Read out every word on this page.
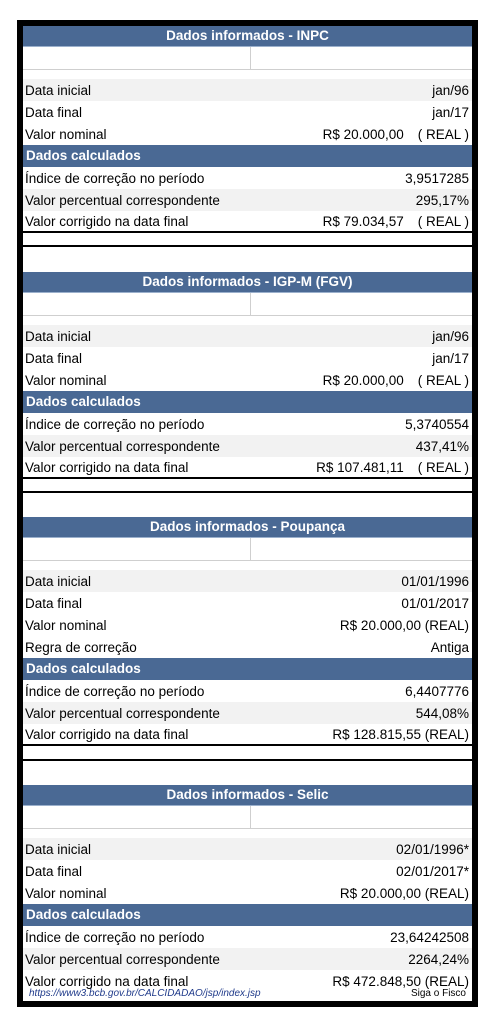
Dados informados - INPC
Data inicial	jan/96
Data final	jan/17
Valor nominal	R$ 20.000,00 ( REAL )
Dados calculados
Índice de correção no período	3,9517285
Valor percentual correspondente	295,17%
Valor corrigido na data final	R$ 79.034,57 ( REAL )
Dados informados - IGP-M (FGV)
Data inicial	jan/96
Data final	jan/17
Valor nominal	R$ 20.000,00 ( REAL )
Dados calculados
Índice de correção no período	5,3740554
Valor percentual correspondente	437,41%
Valor corrigido na data final	R$ 107.481,11 ( REAL )
Dados informados - Poupança
Data inicial	01/01/1996
Data final	01/01/2017
Valor nominal	R$ 20.000,00 (REAL)
Regra de correção	Antiga
Dados calculados
Índice de correção no período	6,4407776
Valor percentual correspondente	544,08%
Valor corrigido na data final	R$ 128.815,55 (REAL)
Dados informados - Selic
Data inicial	02/01/1996*
Data final	02/01/2017*
Valor nominal	R$ 20.000,00 (REAL)
Dados calculados
Índice de correção no período	23,64242508
Valor percentual correspondente	2264,24%
Valor corrigido na data final	R$ 472.848,50 (REAL)
https://www3.bcb.gov.br/CALCIDADAO/jsp/index.jsp	Siga o Fisco
